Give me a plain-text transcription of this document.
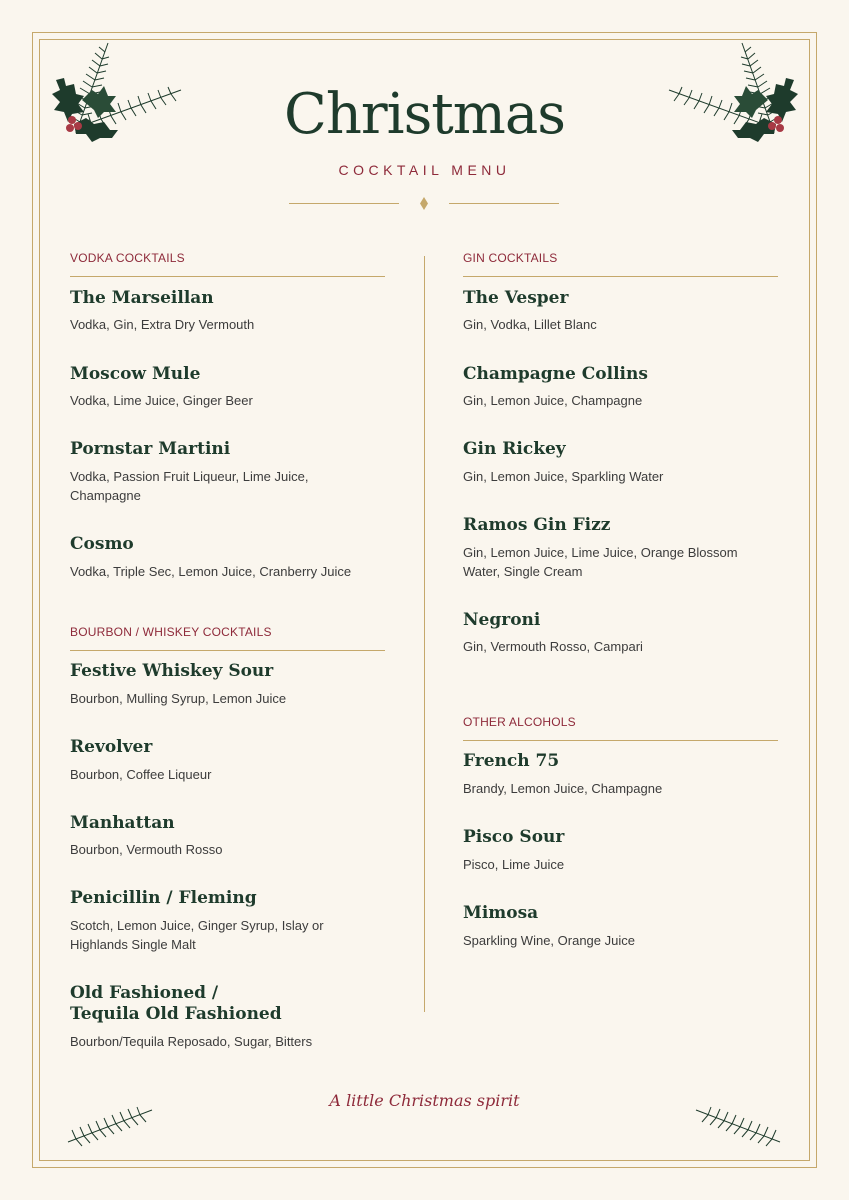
Christmas
COCKTAIL MENU
VODKA COCKTAILS
The Marseillan
Vodka, Gin, Extra Dry Vermouth
Moscow Mule
Vodka, Lime Juice, Ginger Beer
Pornstar Martini
Vodka, Passion Fruit Liqueur, Lime Juice, Champagne
Cosmo
Vodka, Triple Sec, Lemon Juice, Cranberry Juice
BOURBON / WHISKEY COCKTAILS
Festive Whiskey Sour
Bourbon, Mulling Syrup, Lemon Juice
Revolver
Bourbon, Coffee Liqueur
Manhattan
Bourbon, Vermouth Rosso
Penicillin / Fleming
Scotch, Lemon Juice, Ginger Syrup, Islay or Highlands Single Malt
Old Fashioned /
Tequila Old Fashioned
Bourbon/Tequila Reposado, Sugar, Bitters
GIN COCKTAILS
The Vesper
Gin, Vodka, Lillet Blanc
Champagne Collins
Gin, Lemon Juice, Champagne
Gin Rickey
Gin, Lemon Juice, Sparkling Water
Ramos Gin Fizz
Gin, Lemon Juice, Lime Juice, Orange Blossom Water, Single Cream
Negroni
Gin, Vermouth Rosso, Campari
OTHER ALCOHOLS
French 75
Brandy, Lemon Juice, Champagne
Pisco Sour
Pisco, Lime Juice
Mimosa
Sparkling Wine, Orange Juice
A little Christmas spirit
